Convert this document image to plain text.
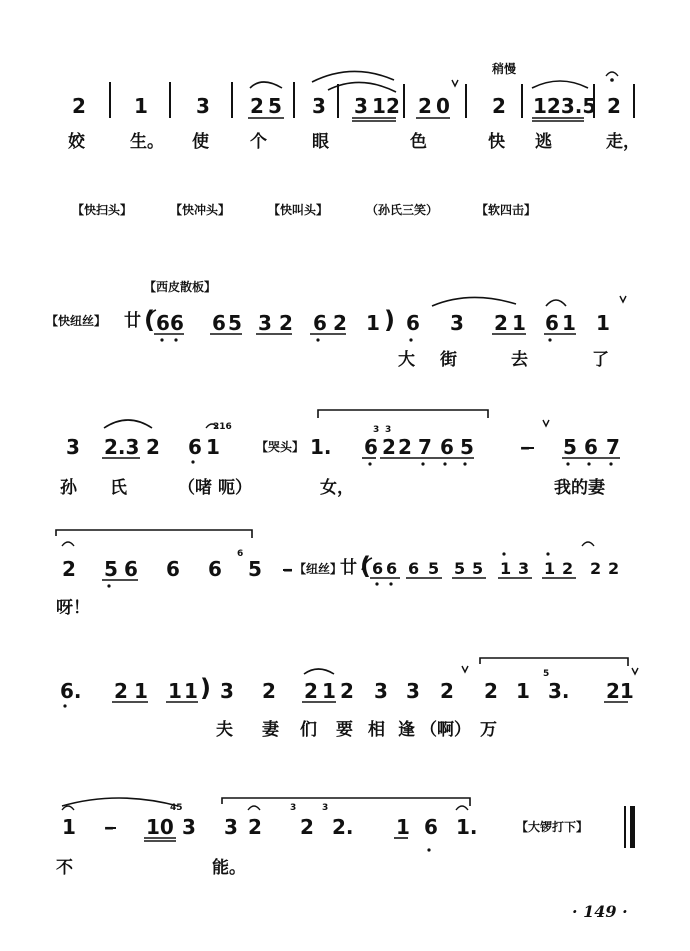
稍慢
2 1 3 2 5 3 3 1 2 2 0 2 123.5 2
姣	生。 使 个	眼	色	快 逃	走，
【快扫头】	【快冲头】	【快叫头】	（孙氏三笑）	【软四击】
【西皮散板】
【快纽丝】 廿 ( 6 6 6 5 3 2 6 2 1 ) 6 3 2 1 6 1 1
大 街	去	了
216	3 3
3 2.3 2 6 1	【哭头】 1. 6 2 2 7 6 5 – 5 6 7
孙 氏	（啫 呃）	女，	我的妻
6
2 5 6 6 6 5 – 【纽丝】
廿 ( 6 6 6 5 5 5 1 3 1 2 2 2
呀！
5
6. 2 1 1 1 ) 3 2 2 1 2 3 3 2 2 1 3. 21
夫 妻 们 要 相 逢 （啊） 万
45	3	3
1 – 10 3 3 2 2 2. 1 6 1.	【大锣打下】
不	能。
· 149 ·
